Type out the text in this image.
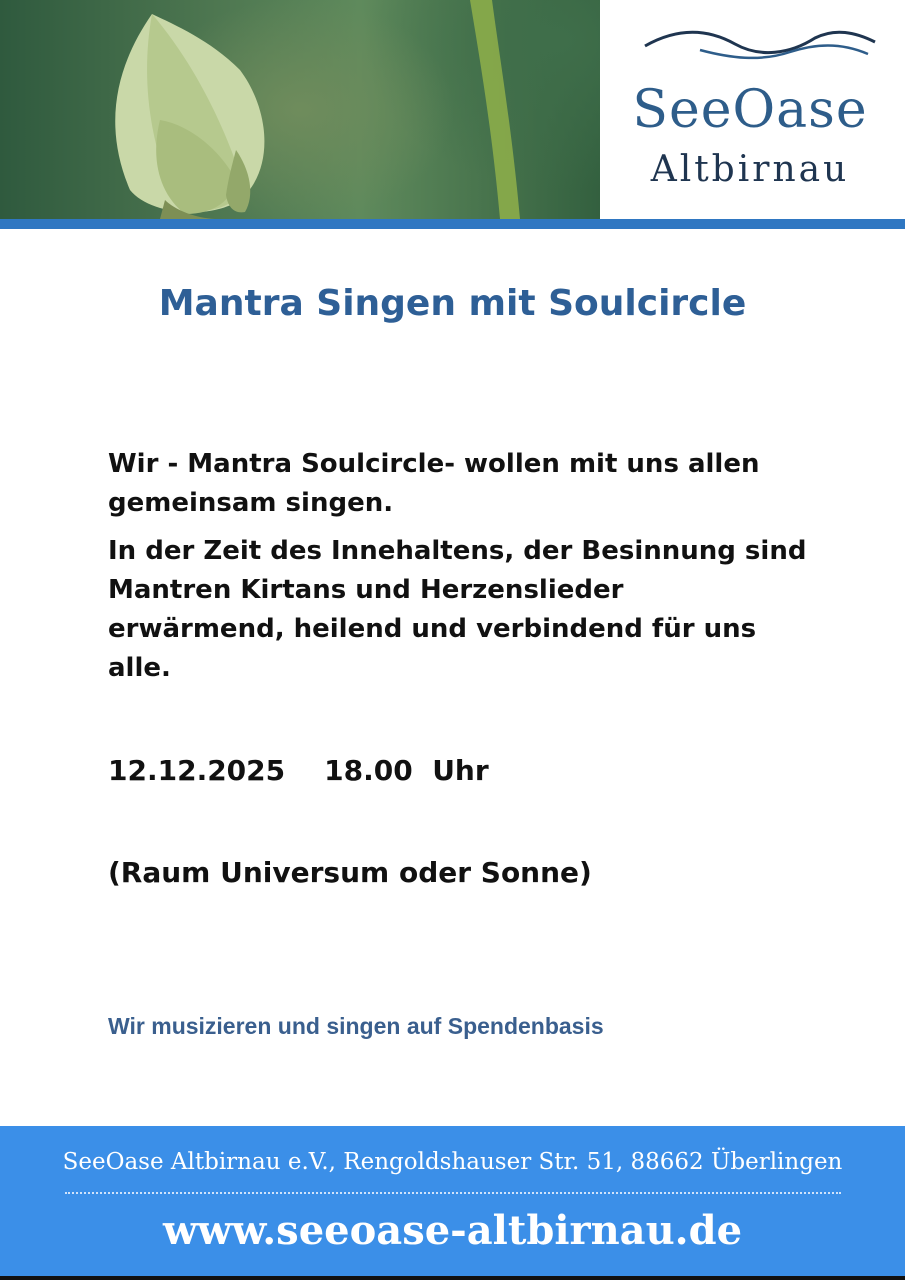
SeeOase
Altbirnau
Mantra Singen mit Soulcircle
Wir - Mantra Soulcircle- wollen mit uns allen gemeinsam singen.
In der Zeit des Innehaltens, der Besinnung sind Mantren Kirtans und Herzenslieder erwärmend, heilend und verbindend für uns alle.
12.12.2025    18.00  Uhr
(Raum Universum oder Sonne)
Wir musizieren und singen auf Spendenbasis
SeeOase Altbirnau e.V., Rengoldshauser Str. 51, 88662 Überlingen
www.seeoase-altbirnau.de
